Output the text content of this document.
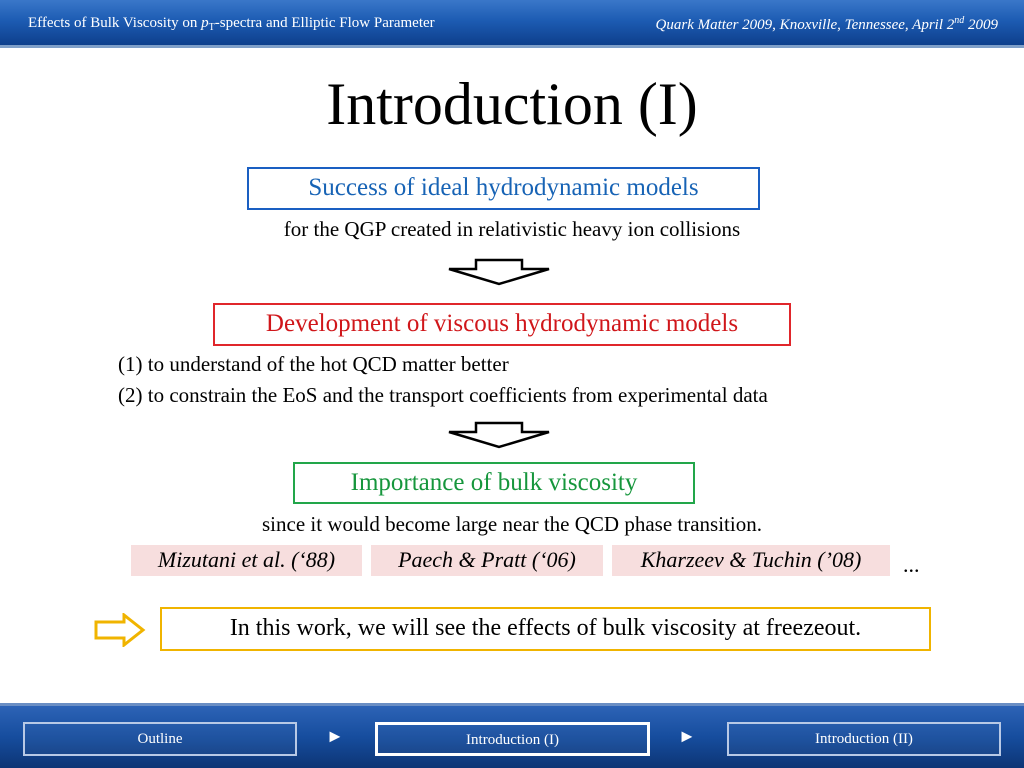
Effects of Bulk Viscosity on $p_T$-spectra and Elliptic Flow Parameter	Quark Matter 2009, Knoxville, Tennessee, April 2nd 2009
Introduction (I)
Success of ideal hydrodynamic models
for the QGP created in relativistic heavy ion collisions
Development of viscous hydrodynamic models
(1) to understand of the hot QCD matter better
(2) to constrain the EoS and the transport coefficients from experimental data
Importance of bulk viscosity
since it would become large near the QCD phase transition.
Mizutani et al. (‘88)	Paech & Pratt (‘06)	Kharzeev & Tuchin (’08)	...
In this work, we will see the effects of bulk viscosity at freezeout.
Outline	►	Introduction (I)	►	Introduction (II)
